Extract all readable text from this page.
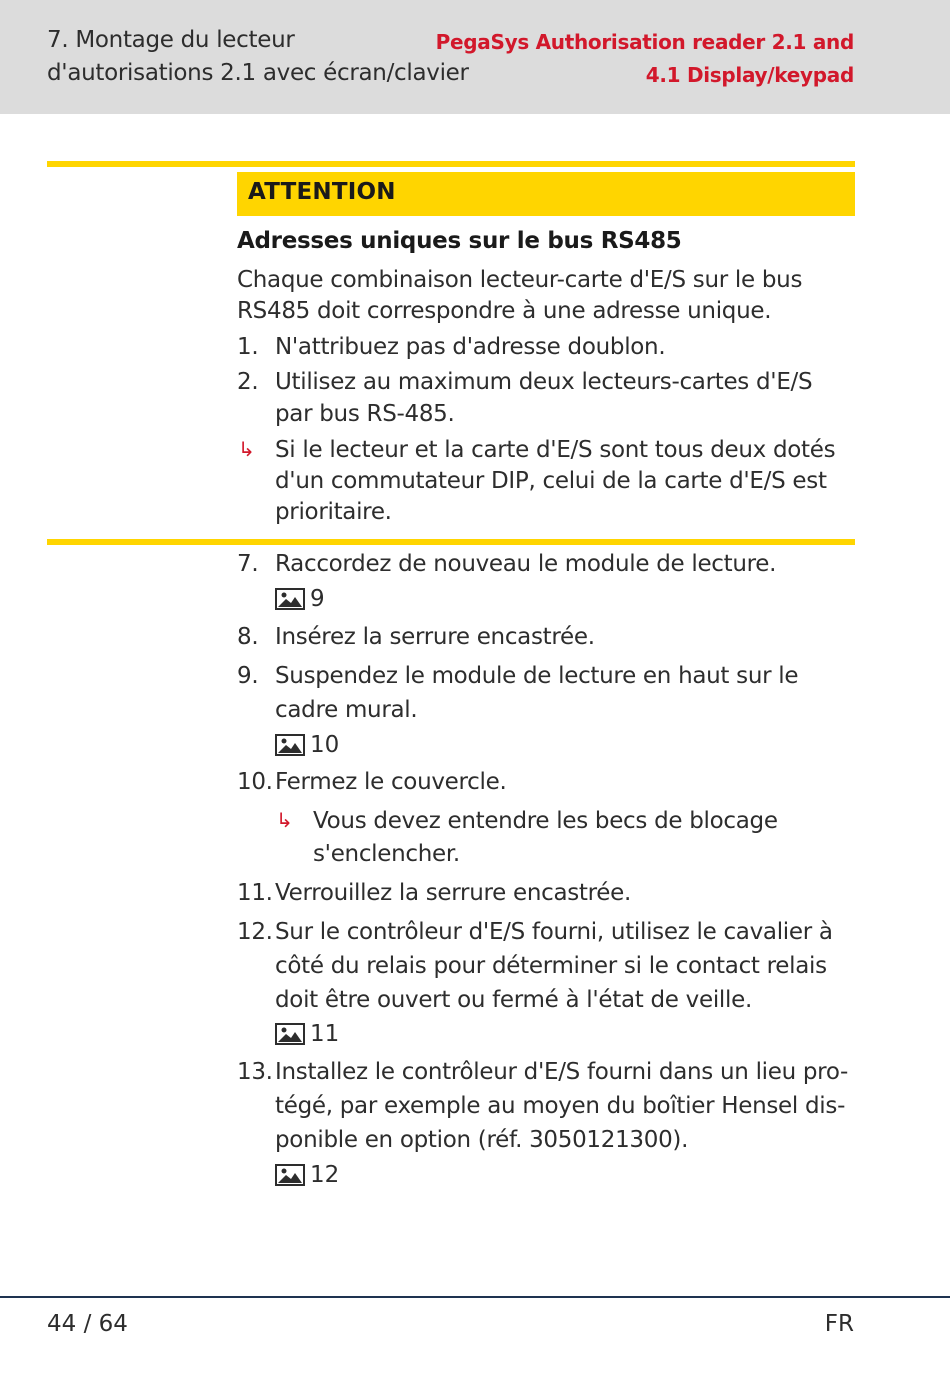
7. Montage du lecteur
d'autorisations 2.1 avec écran/clavier
PegaSys Authorisation reader 2.1 and
4.1 Display/keypad
ATTENTION
Adresses uniques sur le bus RS485
Chaque combinaison lecteur-carte d'E/S sur le bus
RS485 doit correspondre à une adresse unique.
1. N'attribuez pas d'adresse doublon.
2. Utilisez au maximum deux lecteurs-cartes d'E/S
par bus RS-485.
↳ Si le lecteur et la carte d'E/S sont tous deux dotés
d'un commutateur DIP, celui de la carte d'E/S est
prioritaire.
7. Raccordez de nouveau le module de lecture.
9
8. Insérez la serrure encastrée.
9. Suspendez le module de lecture en haut sur le
cadre mural.
10
10. Fermez le couvercle.
↳ Vous devez entendre les becs de blocage
s'enclencher.
11. Verrouillez la serrure encastrée.
12. Sur le contrôleur d'E/S fourni, utilisez le cavalier à
côté du relais pour déterminer si le contact relais
doit être ouvert ou fermé à l'état de veille.
11
13. Installez le contrôleur d'E/S fourni dans un lieu pro-
tégé, par exemple au moyen du boîtier Hensel dis-
ponible en option (réf. 3050121300).
12
44 / 64	FR
